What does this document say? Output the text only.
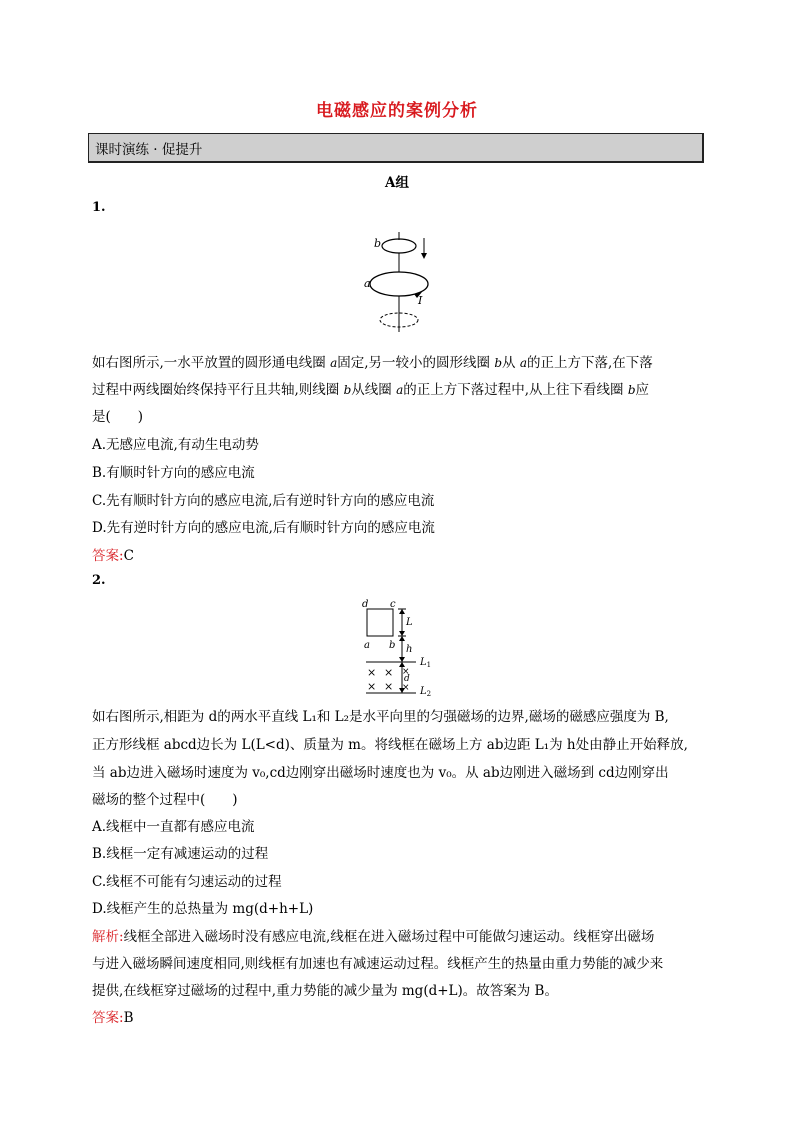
电磁感应的案例分析
课时演练 · 促提升
A组
1.
b
a
I
如右图所示,一水平放置的圆形通电线圈 a固定,另一较小的圆形线圈 b从 a的正上方下落,在下落
过程中两线圈始终保持平行且共轴,则线圈 b从线圈 a的正上方下落过程中,从上往下看线圈 b应
是(　　)
A.无感应电流,有动生电动势
B.有顺时针方向的感应电流
C.先有顺时针方向的感应电流,后有逆时针方向的感应电流
D.先有逆时针方向的感应电流,后有顺时针方向的感应电流
答案:C
2.
d c
a b
L
h
$L_1$
$L_2$
d
× × ×
× × ×
如右图所示,相距为 d的两水平直线 L₁和 L₂是水平向里的匀强磁场的边界,磁场的磁感应强度为 B,
正方形线框 abcd边长为 L(L<d)、质量为 m。将线框在磁场上方 ab边距 L₁为 h处由静止开始释放,
当 ab边进入磁场时速度为 v₀,cd边刚穿出磁场时速度也为 v₀。从 ab边刚进入磁场到 cd边刚穿出
磁场的整个过程中(　　)
A.线框中一直都有感应电流
B.线框一定有减速运动的过程
C.线框不可能有匀速运动的过程
D.线框产生的总热量为 mg(d+h+L)
解析:线框全部进入磁场时没有感应电流,线框在进入磁场过程中可能做匀速运动。线框穿出磁场
与进入磁场瞬间速度相同,则线框有加速也有减速运动过程。线框产生的热量由重力势能的减少来
提供,在线框穿过磁场的过程中,重力势能的减少量为 mg(d+L)。故答案为 B。
答案:B
